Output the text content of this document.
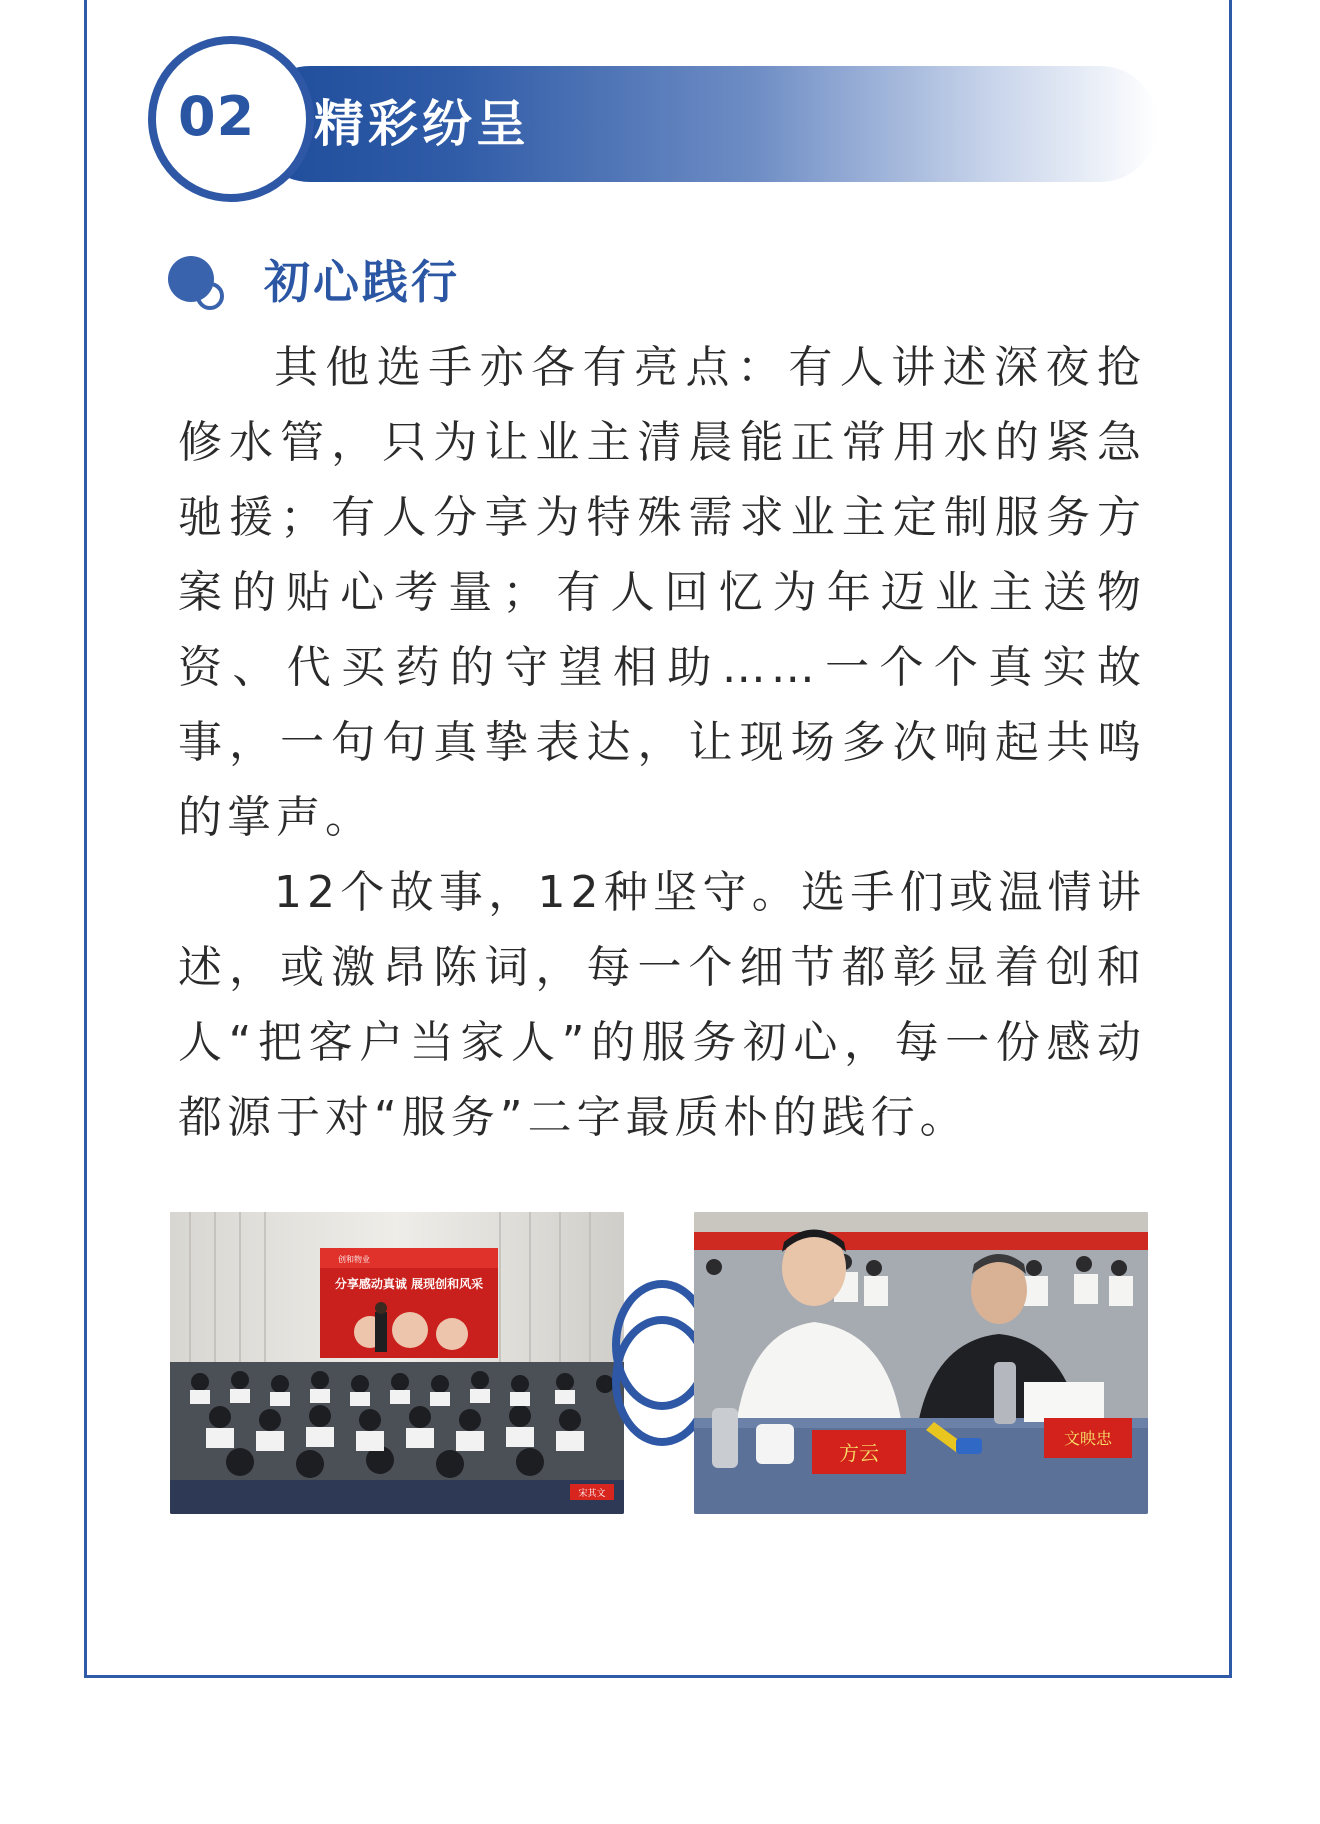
02 精彩纷呈
初心践行

其他选手亦各有亮点：有人讲述深夜抢修水管，只为让业主清晨能正常用水的紧急驰援；有人分享为特殊需求业主定制服务方案的贴心考量；有人回忆为年迈业主送物资、代买药的守望相助……一个个真实故事，一句句真挚表达，让现场多次响起共鸣的掌声。

12个故事，12种坚守。选手们或温情讲述，或激昂陈词，每一个细节都彰显着创和人“把客户当家人”的服务初心，每一份感动都源于对“服务”二字最质朴的践行。

分享感动真诚 展现创和风采
创和物业
宋其文
方云
文映忠
